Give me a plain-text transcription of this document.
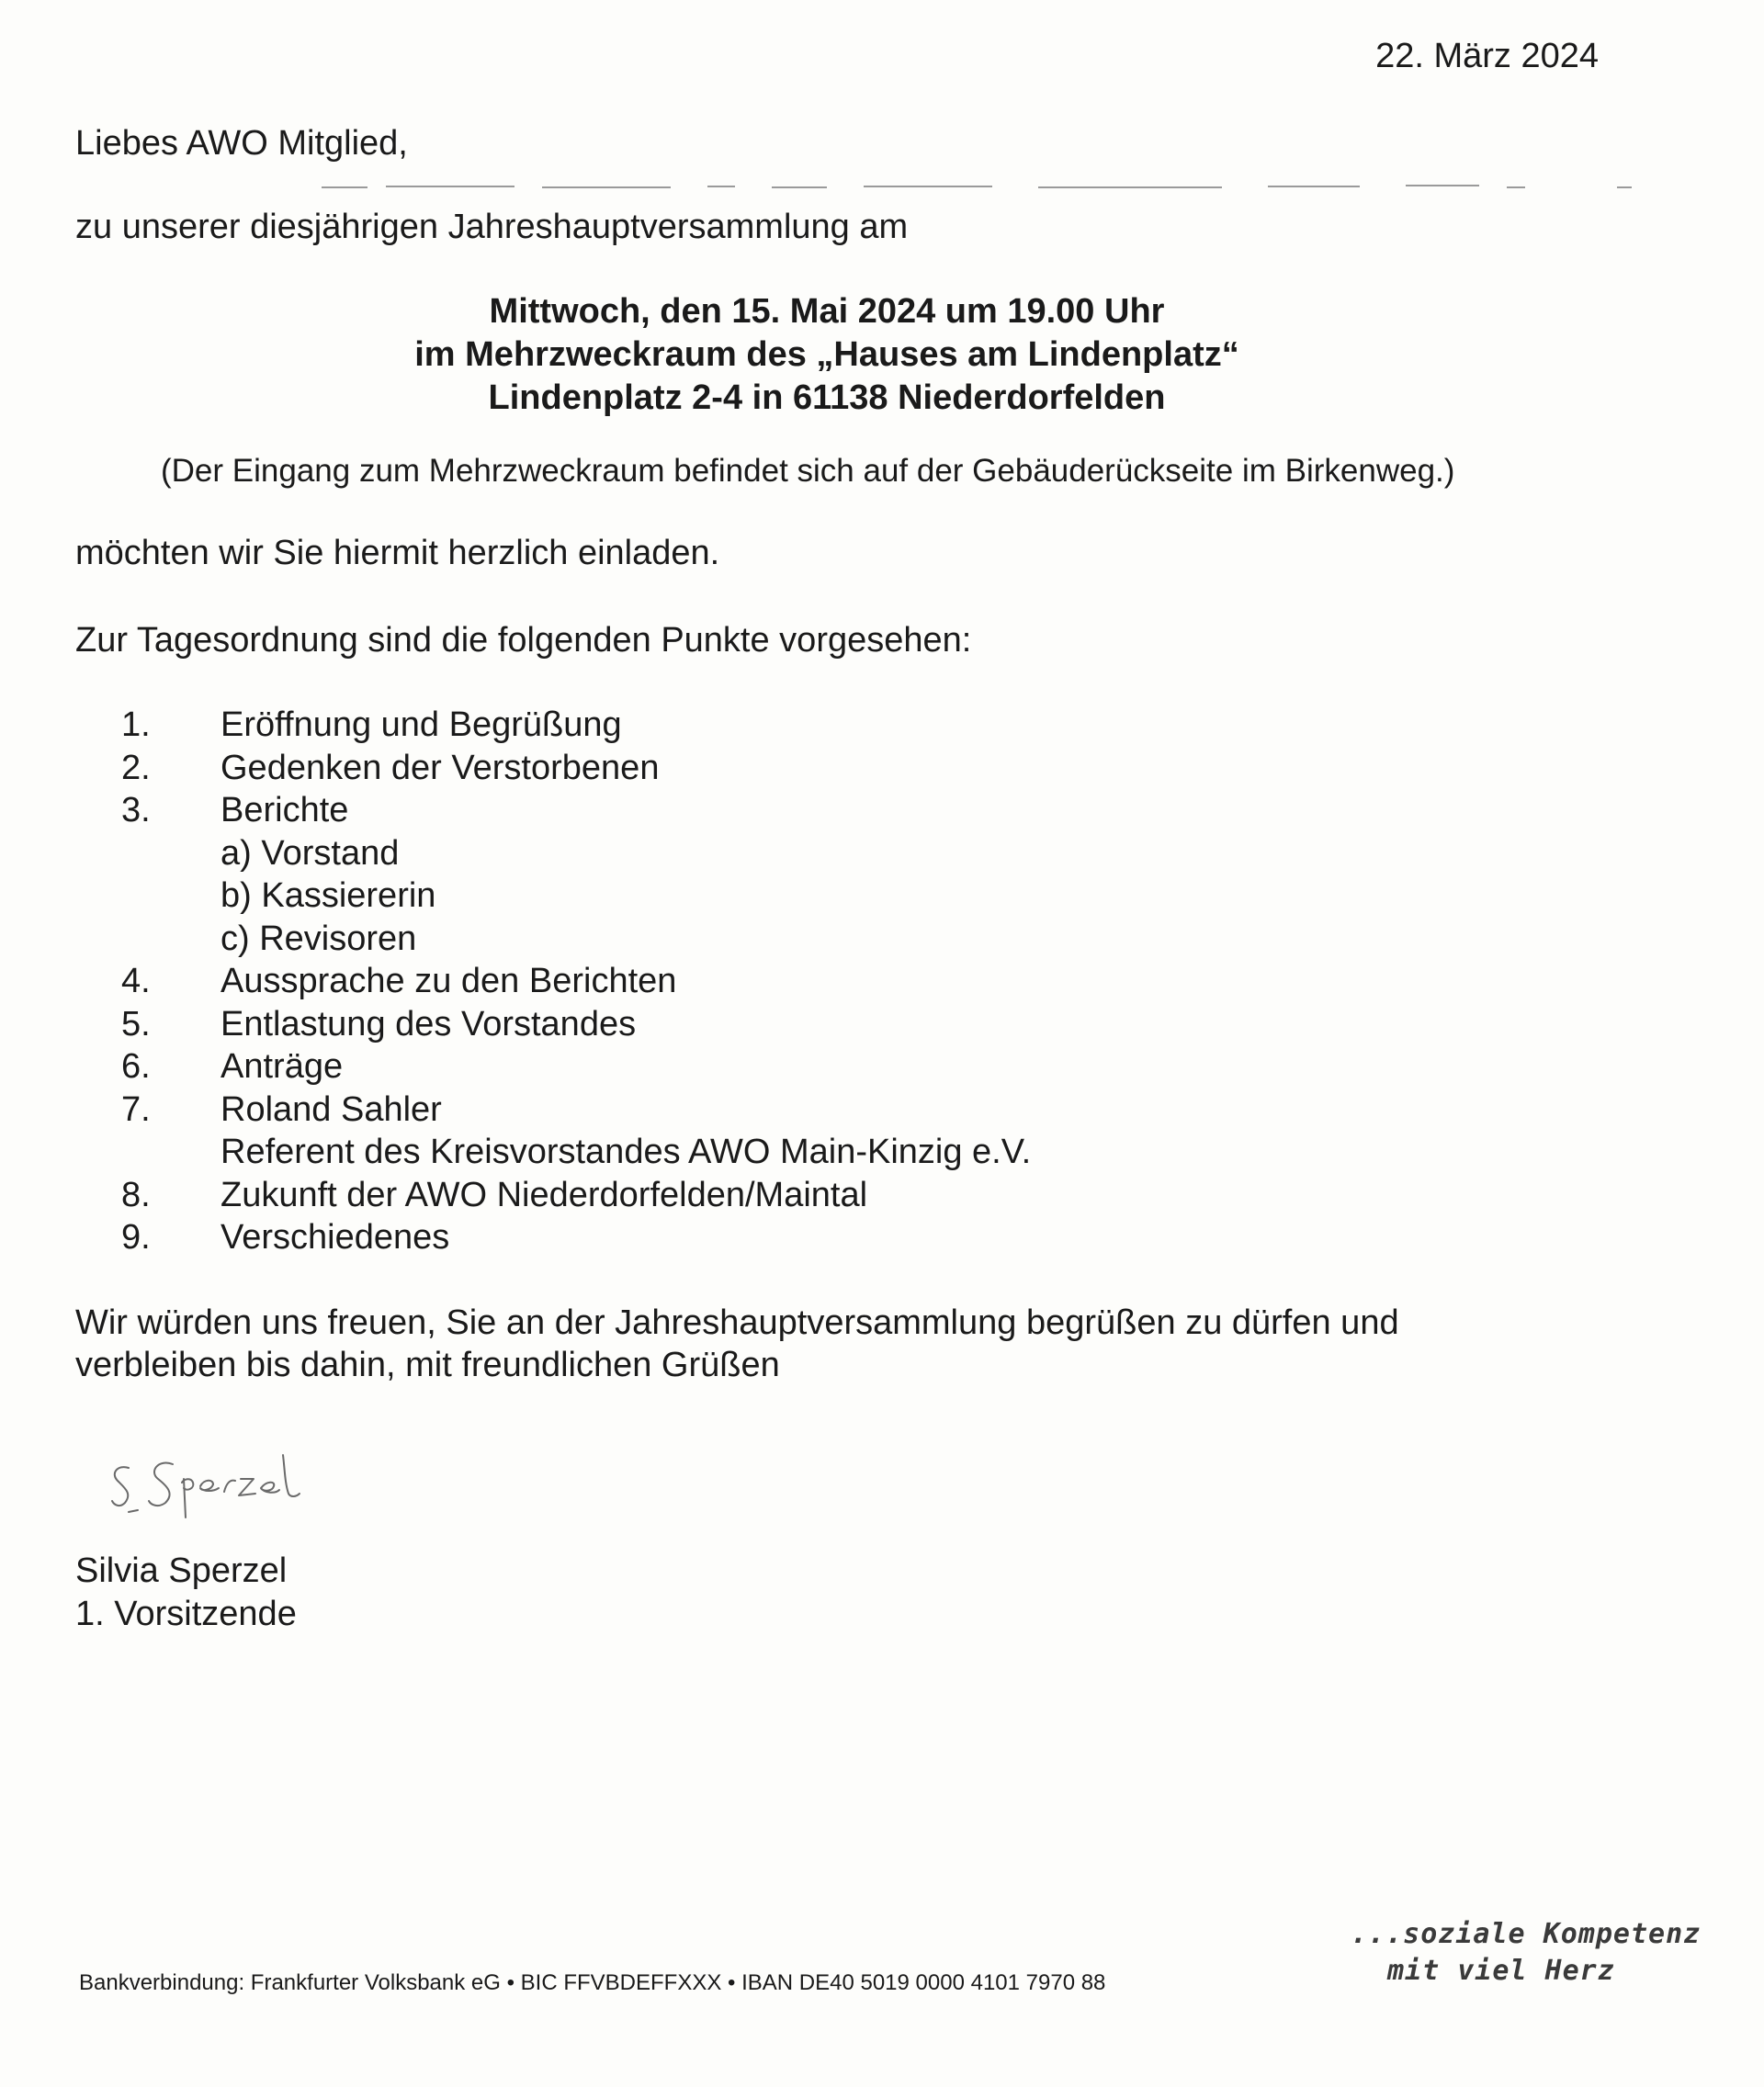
22. März 2024
Liebes AWO Mitglied,
zu unserer diesjährigen Jahreshauptversammlung am
Mittwoch, den 15. Mai 2024 um 19.00 Uhr
im Mehrzweckraum des „Hauses am Lindenplatz“
Lindenplatz 2-4 in 61138 Niederdorfelden
(Der Eingang zum Mehrzweckraum befindet sich auf der Gebäuderückseite im Birkenweg.)
möchten wir Sie hiermit herzlich einladen.
Zur Tagesordnung sind die folgenden Punkte vorgesehen:
1. Eröffnung und Begrüßung
2. Gedenken der Verstorbenen
3. Berichte
a) Vorstand
b) Kassiererin
c) Revisoren
4. Aussprache zu den Berichten
5. Entlastung des Vorstandes
6. Anträge
7. Roland Sahler
Referent des Kreisvorstandes AWO Main-Kinzig e.V.
8. Zukunft der AWO Niederdorfelden/Maintal
9. Verschiedenes
Wir würden uns freuen, Sie an der Jahreshauptversammlung begrüßen zu dürfen und
verbleiben bis dahin, mit freundlichen Grüßen
Silvia Sperzel
1. Vorsitzende
Bankverbindung: Frankfurter Volksbank eG • BIC FFVBDEFFXXX • IBAN DE40 5019 0000 4101 7970 88
...soziale Kompetenz
mit viel Herz
